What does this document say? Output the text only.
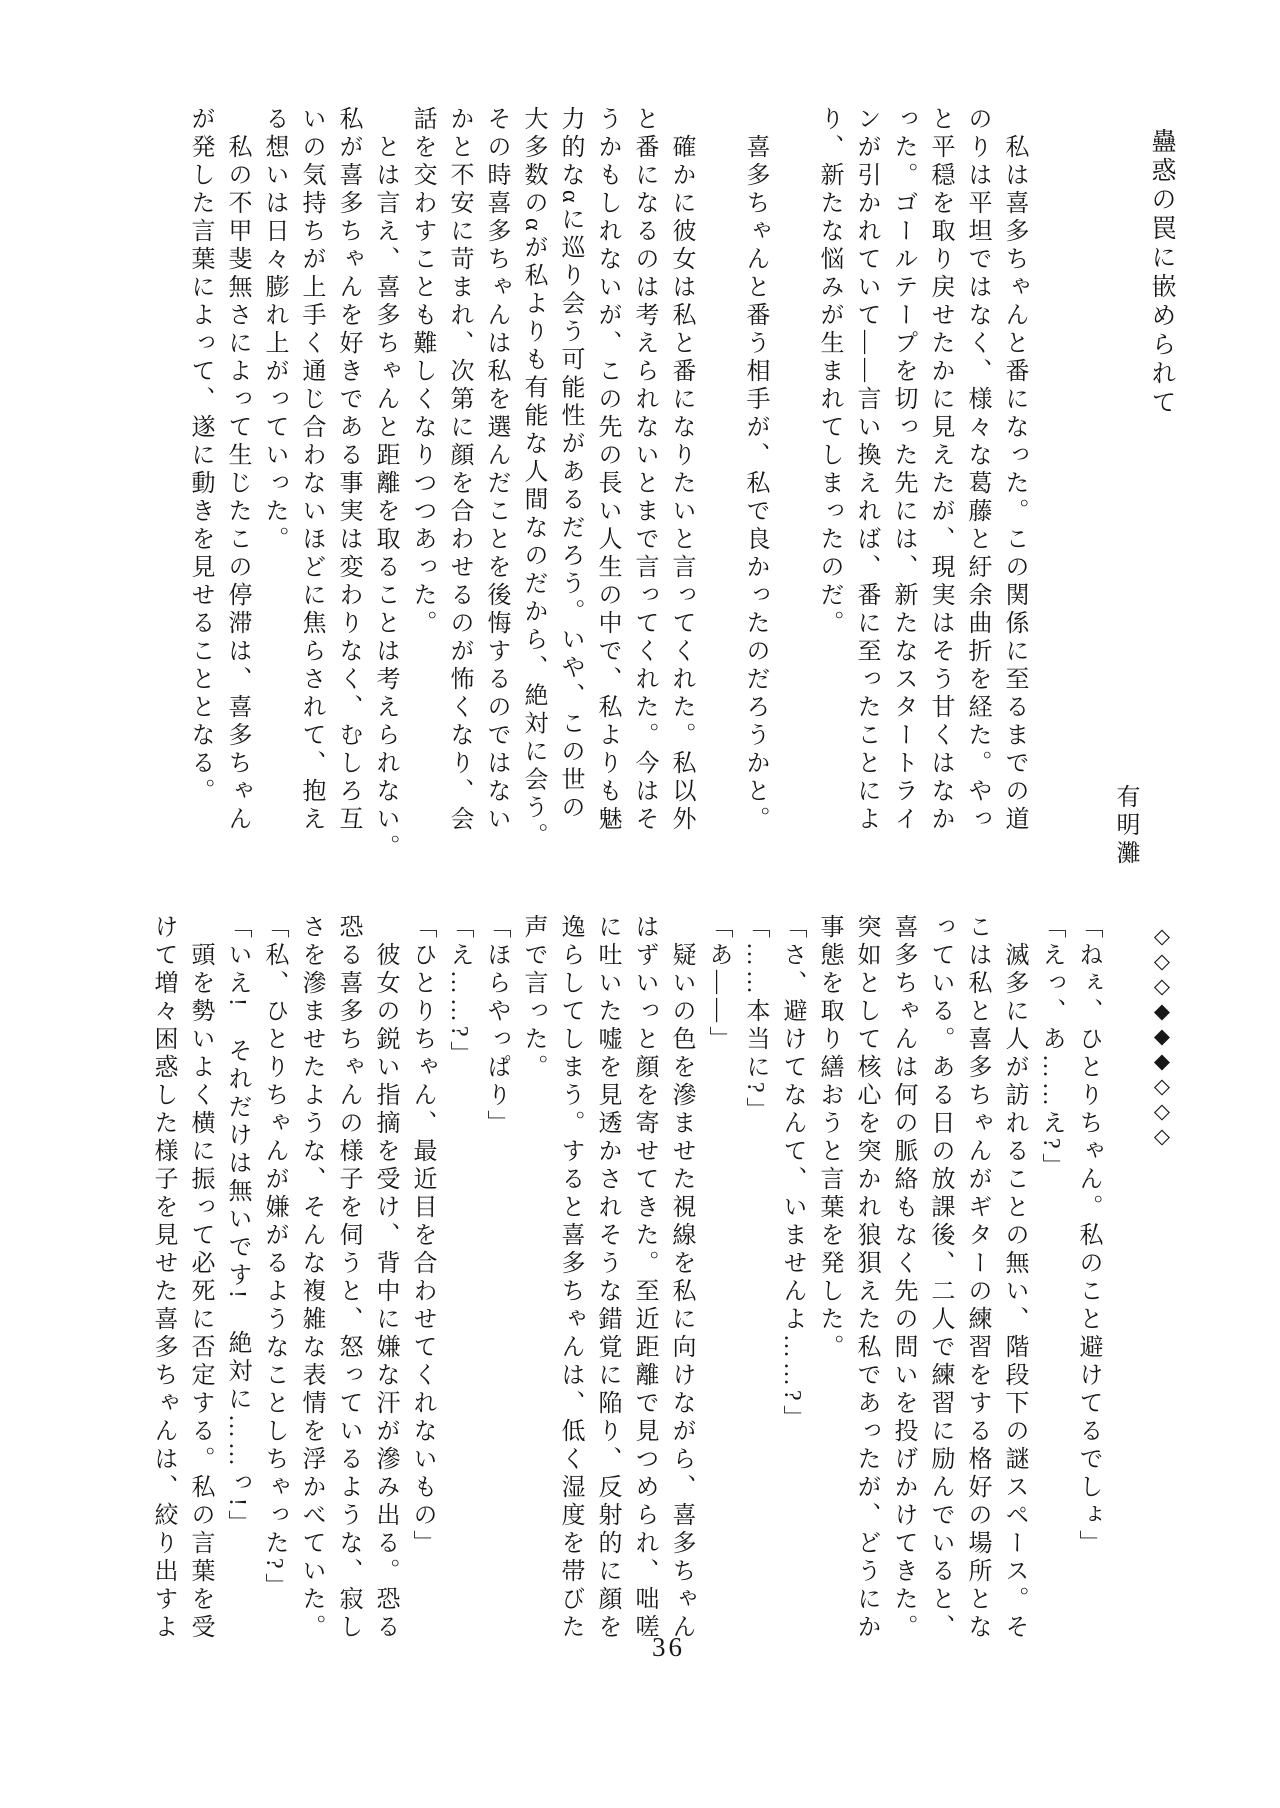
蠱惑の罠に嵌められて
有明灘
私は喜多ちゃんと番になった。この関係に至るまでの道
のりは平坦ではなく、様々な葛藤と紆余曲折を経た。やっ
と平穏を取り戻せたかに見えたが、現実はそう甘くはなか
った。ゴールテープを切った先には、新たなスタートライ
ンが引かれていて――言い換えれば、番に至ったことによ
り、新たな悩みが生まれてしまったのだ。
喜多ちゃんと番う相手が、私で良かったのだろうかと。
確かに彼女は私と番になりたいと言ってくれた。私以外
と番になるのは考えられないとまで言ってくれた。今はそ
うかもしれないが、この先の長い人生の中で、私よりも魅
力的なαに巡り会う可能性があるだろう。いや、この世の
大多数のαが私よりも有能な人間なのだから、絶対に会う。
その時喜多ちゃんは私を選んだことを後悔するのではない
かと不安に苛まれ、次第に顔を合わせるのが怖くなり、会
話を交わすことも難しくなりつつあった。
とは言え、喜多ちゃんと距離を取ることは考えられない。
私が喜多ちゃんを好きである事実は変わりなく、むしろ互
いの気持ちが上手く通じ合わないほどに焦らされて、抱え
る想いは日々膨れ上がっていった。
私の不甲斐無さによって生じたこの停滞は、喜多ちゃん
が発した言葉によって、遂に動きを見せることとなる。
◇◇◇◆◆◆◇◇◇
「ねぇ、ひとりちゃん。私のこと避けてるでしょ」
「えっ、あ……え?」
滅多に人が訪れることの無い、階段下の謎スペース。そ
こは私と喜多ちゃんがギターの練習をする格好の場所とな
っている。ある日の放課後、二人で練習に励んでいると、
喜多ちゃんは何の脈絡もなく先の問いを投げかけてきた。
突如として核心を突かれ狼狽えた私であったが、どうにか
事態を取り繕おうと言葉を発した。
「さ、避けてなんて、いませんよ……?」
「……本当に?」
「あ――」
疑いの色を滲ませた視線を私に向けながら、喜多ちゃん
はずいっと顔を寄せてきた。至近距離で見つめられ、咄嗟
に吐いた嘘を見透かされそうな錯覚に陥り、反射的に顔を
逸らしてしまう。すると喜多ちゃんは、低く湿度を帯びた
声で言った。
「ほらやっぱり」
「え……?」
「ひとりちゃん、最近目を合わせてくれないもの」
彼女の鋭い指摘を受け、背中に嫌な汗が滲み出る。恐る
恐る喜多ちゃんの様子を伺うと、怒っているような、寂し
さを滲ませたような、そんな複雑な表情を浮かべていた。
「私、ひとりちゃんが嫌がるようなことしちゃった?」
「いえ!　それだけは無いです!　絶対に……っ!」
頭を勢いよく横に振って必死に否定する。私の言葉を受
けて増々困惑した様子を見せた喜多ちゃんは、絞り出すよ
36
